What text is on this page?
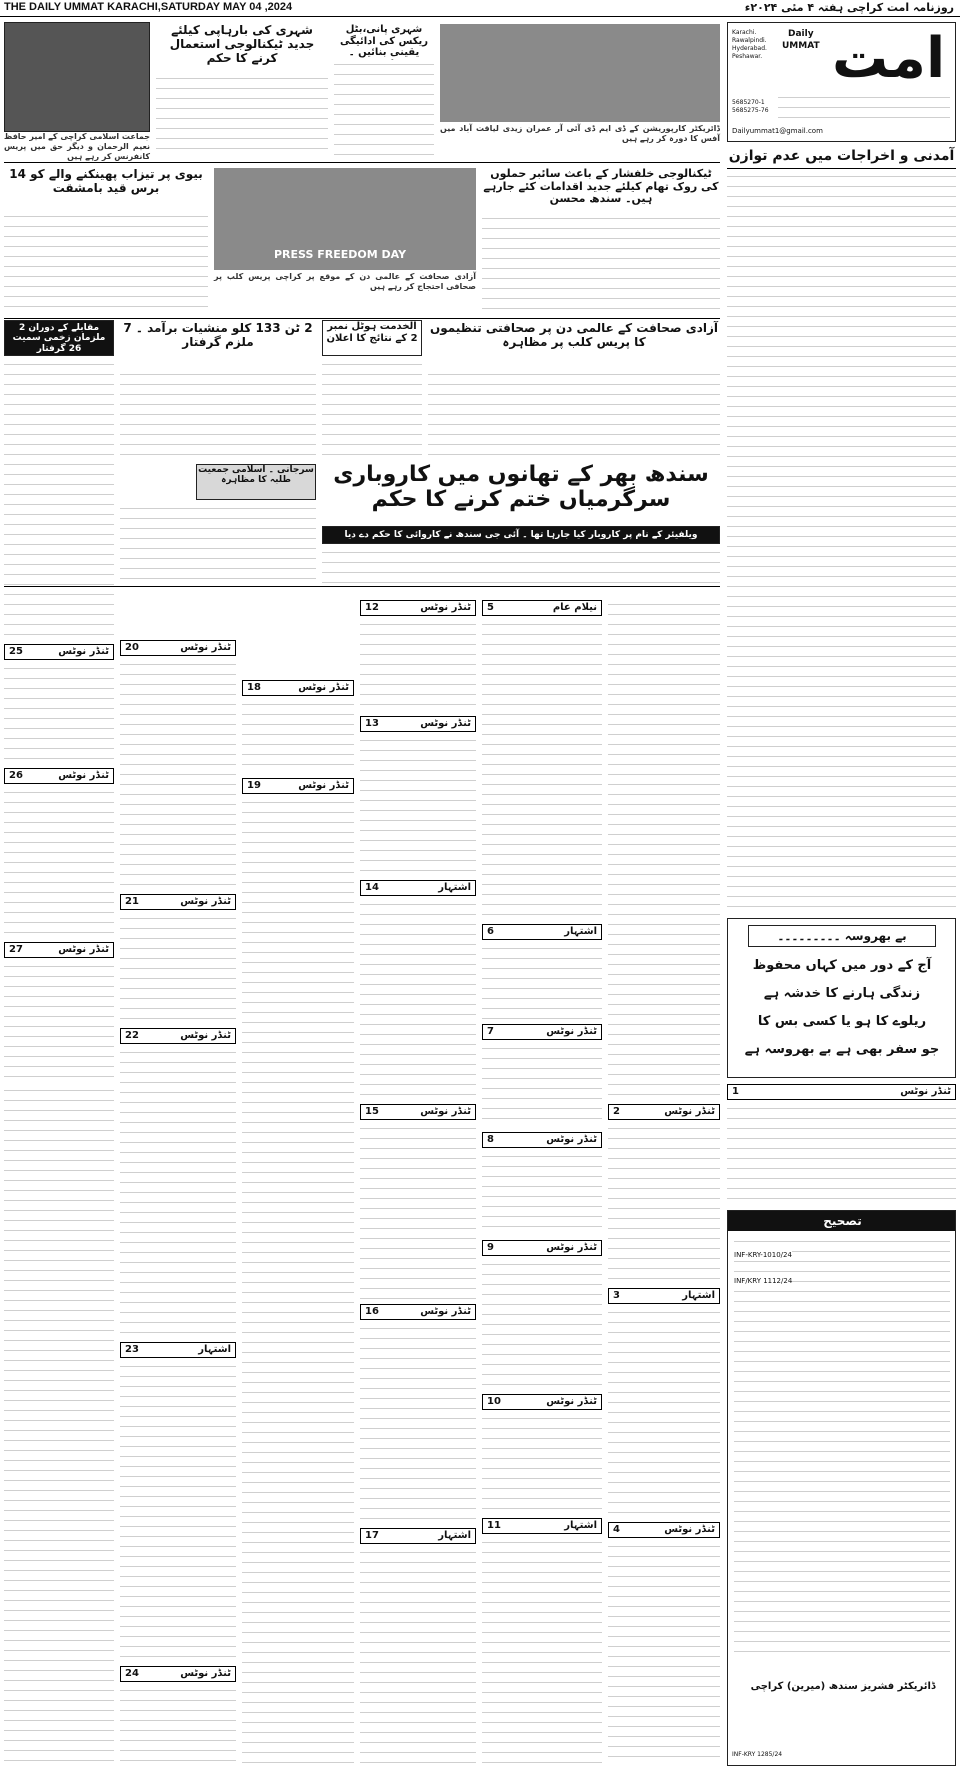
THE DAILY UMMAT KARACHI,SATURDAY MAY 04 ,2024	روزنامہ امت کراچی ہفتہ ۴ مئی ۲۰۲۴ء
امت
Daily
UMMAT
Karachi. Rawalpindi. Hyderabad. Peshawar.
5685270-1 5685275-76
Dailyummat1@gmail.com
جماعت اسلامی کراچی کے امیر حافظ نعیم الرحمان و دیگر حق میں پریس کانفرنس کر رہے ہیں
شہری کی بارہاپی کیلئے جدید ٹیکنالوجی استعمال کرنے کا حکم
شہری پانی،بٹل ریکس کی ادائیگی یقینی بنائیں ۔
ڈائریکٹر کارپوریشن کے ڈی ایم ڈی آئی آر عمران زیدی لیاقت آباد میں آفس کا دورہ کر رہے ہیں
آمدنی و اخراجات میں عدم توازن
بیوی پر تیزاب پھینکنے والے کو 14 برس قید بامشقت
PRESS FREEDOM DAY
آزادی صحافت کے عالمی دن کے موقع پر کراچی پریس کلب پر صحافی احتجاج کر رہے ہیں
ٹیکنالوجی خلفشار کے باعث سائبر حملوں کی روک تھام کیلئے جدید اقدامات کئے جارہے ہیں۔ سندھ محسن
مقابلے کے دوران 2 ملزمان زخمی سمیت 26 گرفتار
2 ٹن 133 کلو منشیات برآمد ۔ 7 ملزم گرفتار
الخدمت ہوٹل نمبر 2 کے نتائج کا اعلان
آزادی صحافت کے عالمی دن پر صحافتی تنظیموں کا پریس کلب پر مظاہرہ
سندھ بھر کے تھانوں میں کاروباری سرگرمیاں ختم کرنے کا حکم
ویلفیئر کے نام پر کاروبار کیا جارہا تھا ۔ آئی جی سندھ نے کاروائی کا حکم دے دیا
سرجانی ۔ اسلامی جمعیت طلبہ کا مظاہرہ
5	نیلام عام
6	اشتہار
7	ٹنڈر نوٹس
8	ٹنڈر نوٹس
9	ٹنڈر نوٹس
10	ٹنڈر نوٹس
11	اشتہار
2	ٹنڈر نوٹس
3	اشتہار
4	ٹنڈر نوٹس
12	ٹنڈر نوٹس
13	ٹنڈر نوٹس
14	اشتہار
15	ٹنڈر نوٹس
16	ٹنڈر نوٹس
17	اشتہار
18	ٹنڈر نوٹس
19	ٹنڈر نوٹس
20	ٹنڈر نوٹس
21	ٹنڈر نوٹس
22	ٹنڈر نوٹس
23	اشتہار
24	ٹنڈر نوٹس
25	ٹنڈر نوٹس
26	ٹنڈر نوٹس
27	ٹنڈر نوٹس
بے بھروسہ ۔۔۔۔۔۔۔۔۔
آج کے دور میں کہاں محفوظ
زندگی ہارنے کا خدشہ ہے
ریلوے کا ہو یا کسی بس کا
جو سفر بھی ہے بے بھروسہ ہے
1	ٹنڈر نوٹس
تصحیح
INF-KRY-1010/24
INF/KRY 1112/24
ڈائریکٹر فشریز سندھ (میرین) کراچی
INF-KRY 1285/24
